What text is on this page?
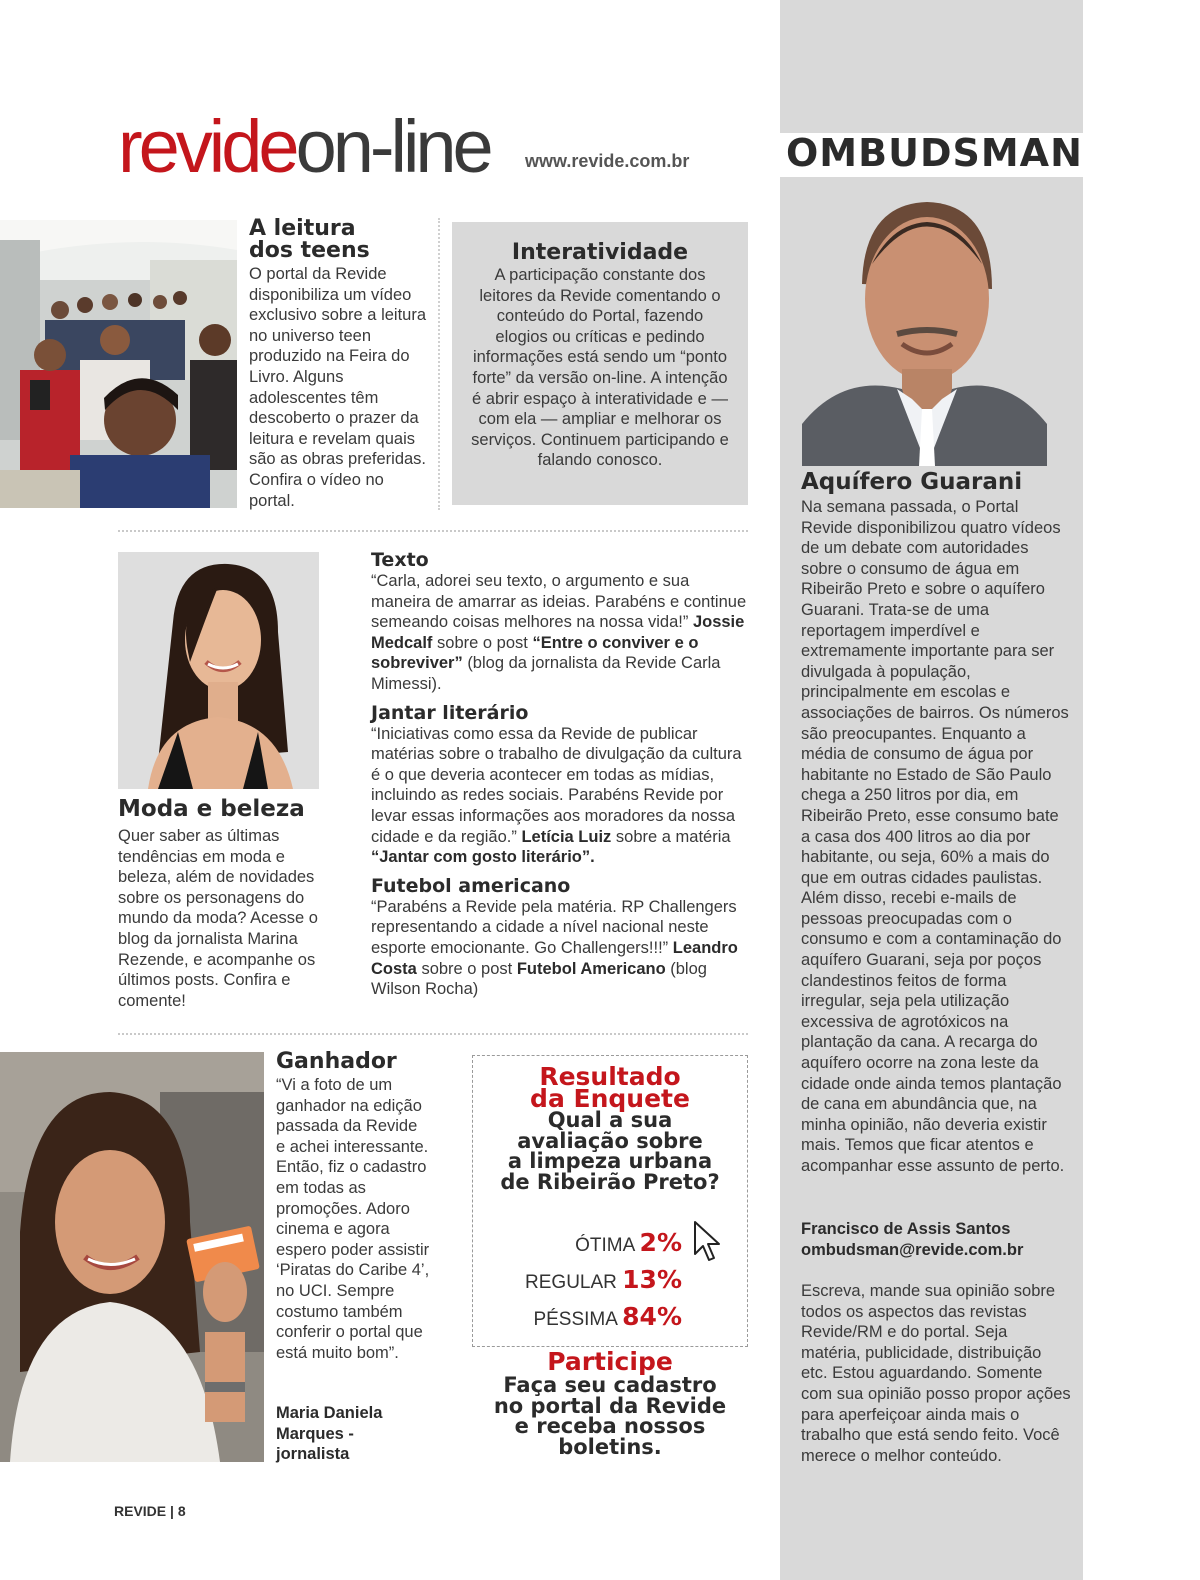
OMBUDSMAN
revideon-line www.revide.com.br
A leitura
dos teens
O portal da Revide disponibiliza um vídeo exclusivo sobre a leitura no universo teen produzido na Feira do Livro. Alguns adolescentes têm descoberto o prazer da leitura e revelam quais são as obras preferidas. Confira o vídeo no portal.
Interatividade
A participação constante dos leitores da Revide comentando o conteúdo do Portal, fazendo elogios ou críticas e pedindo informações está sendo um “ponto forte” da versão on-line. A intenção é abrir espaço à interatividade e — com ela — ampliar e melhorar os serviços. Continuem participando e falando conosco.
Moda e beleza
Quer saber as últimas tendências em moda e beleza, além de novidades sobre os personagens do mundo da moda? Acesse o blog da jornalista Marina Rezende, e acompanhe os últimos posts. Confira e comente!
Texto
“Carla, adorei seu texto, o argumento e sua maneira de amarrar as ideias. Parabéns e continue semeando coisas melhores na nossa vida!” Jossie Medcalf sobre o post “Entre o conviver e o sobreviver” (blog da jornalista da Revide Carla Mimessi).
Jantar literário
“Iniciativas como essa da Revide de publicar matérias sobre o trabalho de divulgação da cultura é o que deveria acontecer em todas as mídias, incluindo as redes sociais. Parabéns Revide por levar essas informações aos moradores da nossa cidade e da região.” Letícia Luiz sobre a matéria “Jantar com gosto literário”.
Futebol americano
“Parabéns a Revide pela matéria. RP Challengers representando a cidade a nível nacional neste esporte emocionante. Go Challengers!!!” Leandro Costa sobre o post Futebol Americano (blog Wilson Rocha)
Ganhador
“Vi a foto de um ganhador na edição passada da Revide e achei interessante. Então, fiz o cadastro em todas as promoções. Adoro cinema e agora espero poder assistir ‘Piratas do Caribe 4’, no UCI. Sempre costumo também conferir o portal que está muito bom”.
Maria Daniela
Marques -
jornalista
Resultado
da Enquete
Qual a sua
avaliação sobre
a limpeza urbana
de Ribeirão Preto?
ÓTIMA 2%
REGULAR 13%
PÉSSIMA 84%
Participe
Faça seu cadastro
no portal da Revide
e receba nossos
boletins.
Aquífero Guarani
Na semana passada, o Portal Revide disponibilizou quatro vídeos de um debate com autoridades sobre o consumo de água em Ribeirão Preto e sobre o aquífero Guarani. Trata-se de uma reportagem imperdível e extremamente importante para ser divulgada à população, principalmente em escolas e associações de bairros. Os números são preocupantes. Enquanto a média de consumo de água por habitante no Estado de São Paulo chega a 250 litros por dia, em Ribeirão Preto, esse consumo bate a casa dos 400 litros ao dia por habitante, ou seja, 60% a mais do que em outras cidades paulistas. Além disso, recebi e-mails de pessoas preocupadas com o consumo e com a contaminação do aquífero Guarani, seja por poços clandestinos feitos de forma irregular, seja pela utilização excessiva de agrotóxicos na plantação da cana. A recarga do aquífero ocorre na zona leste da cidade onde ainda temos plantação de cana em abundância que, na minha opinião, não deveria existir mais. Temos que ficar atentos e acompanhar esse assunto de perto.
Francisco de Assis Santos
ombudsman@revide.com.br
Escreva, mande sua opinião sobre todos os aspectos das revistas Revide/RM e do portal. Seja matéria, publicidade, distribuição etc. Estou aguardando. Somente com sua opinião posso propor ações para aperfeiçoar ainda mais o trabalho que está sendo feito. Você merece o melhor conteúdo.
REVIDE | 8
